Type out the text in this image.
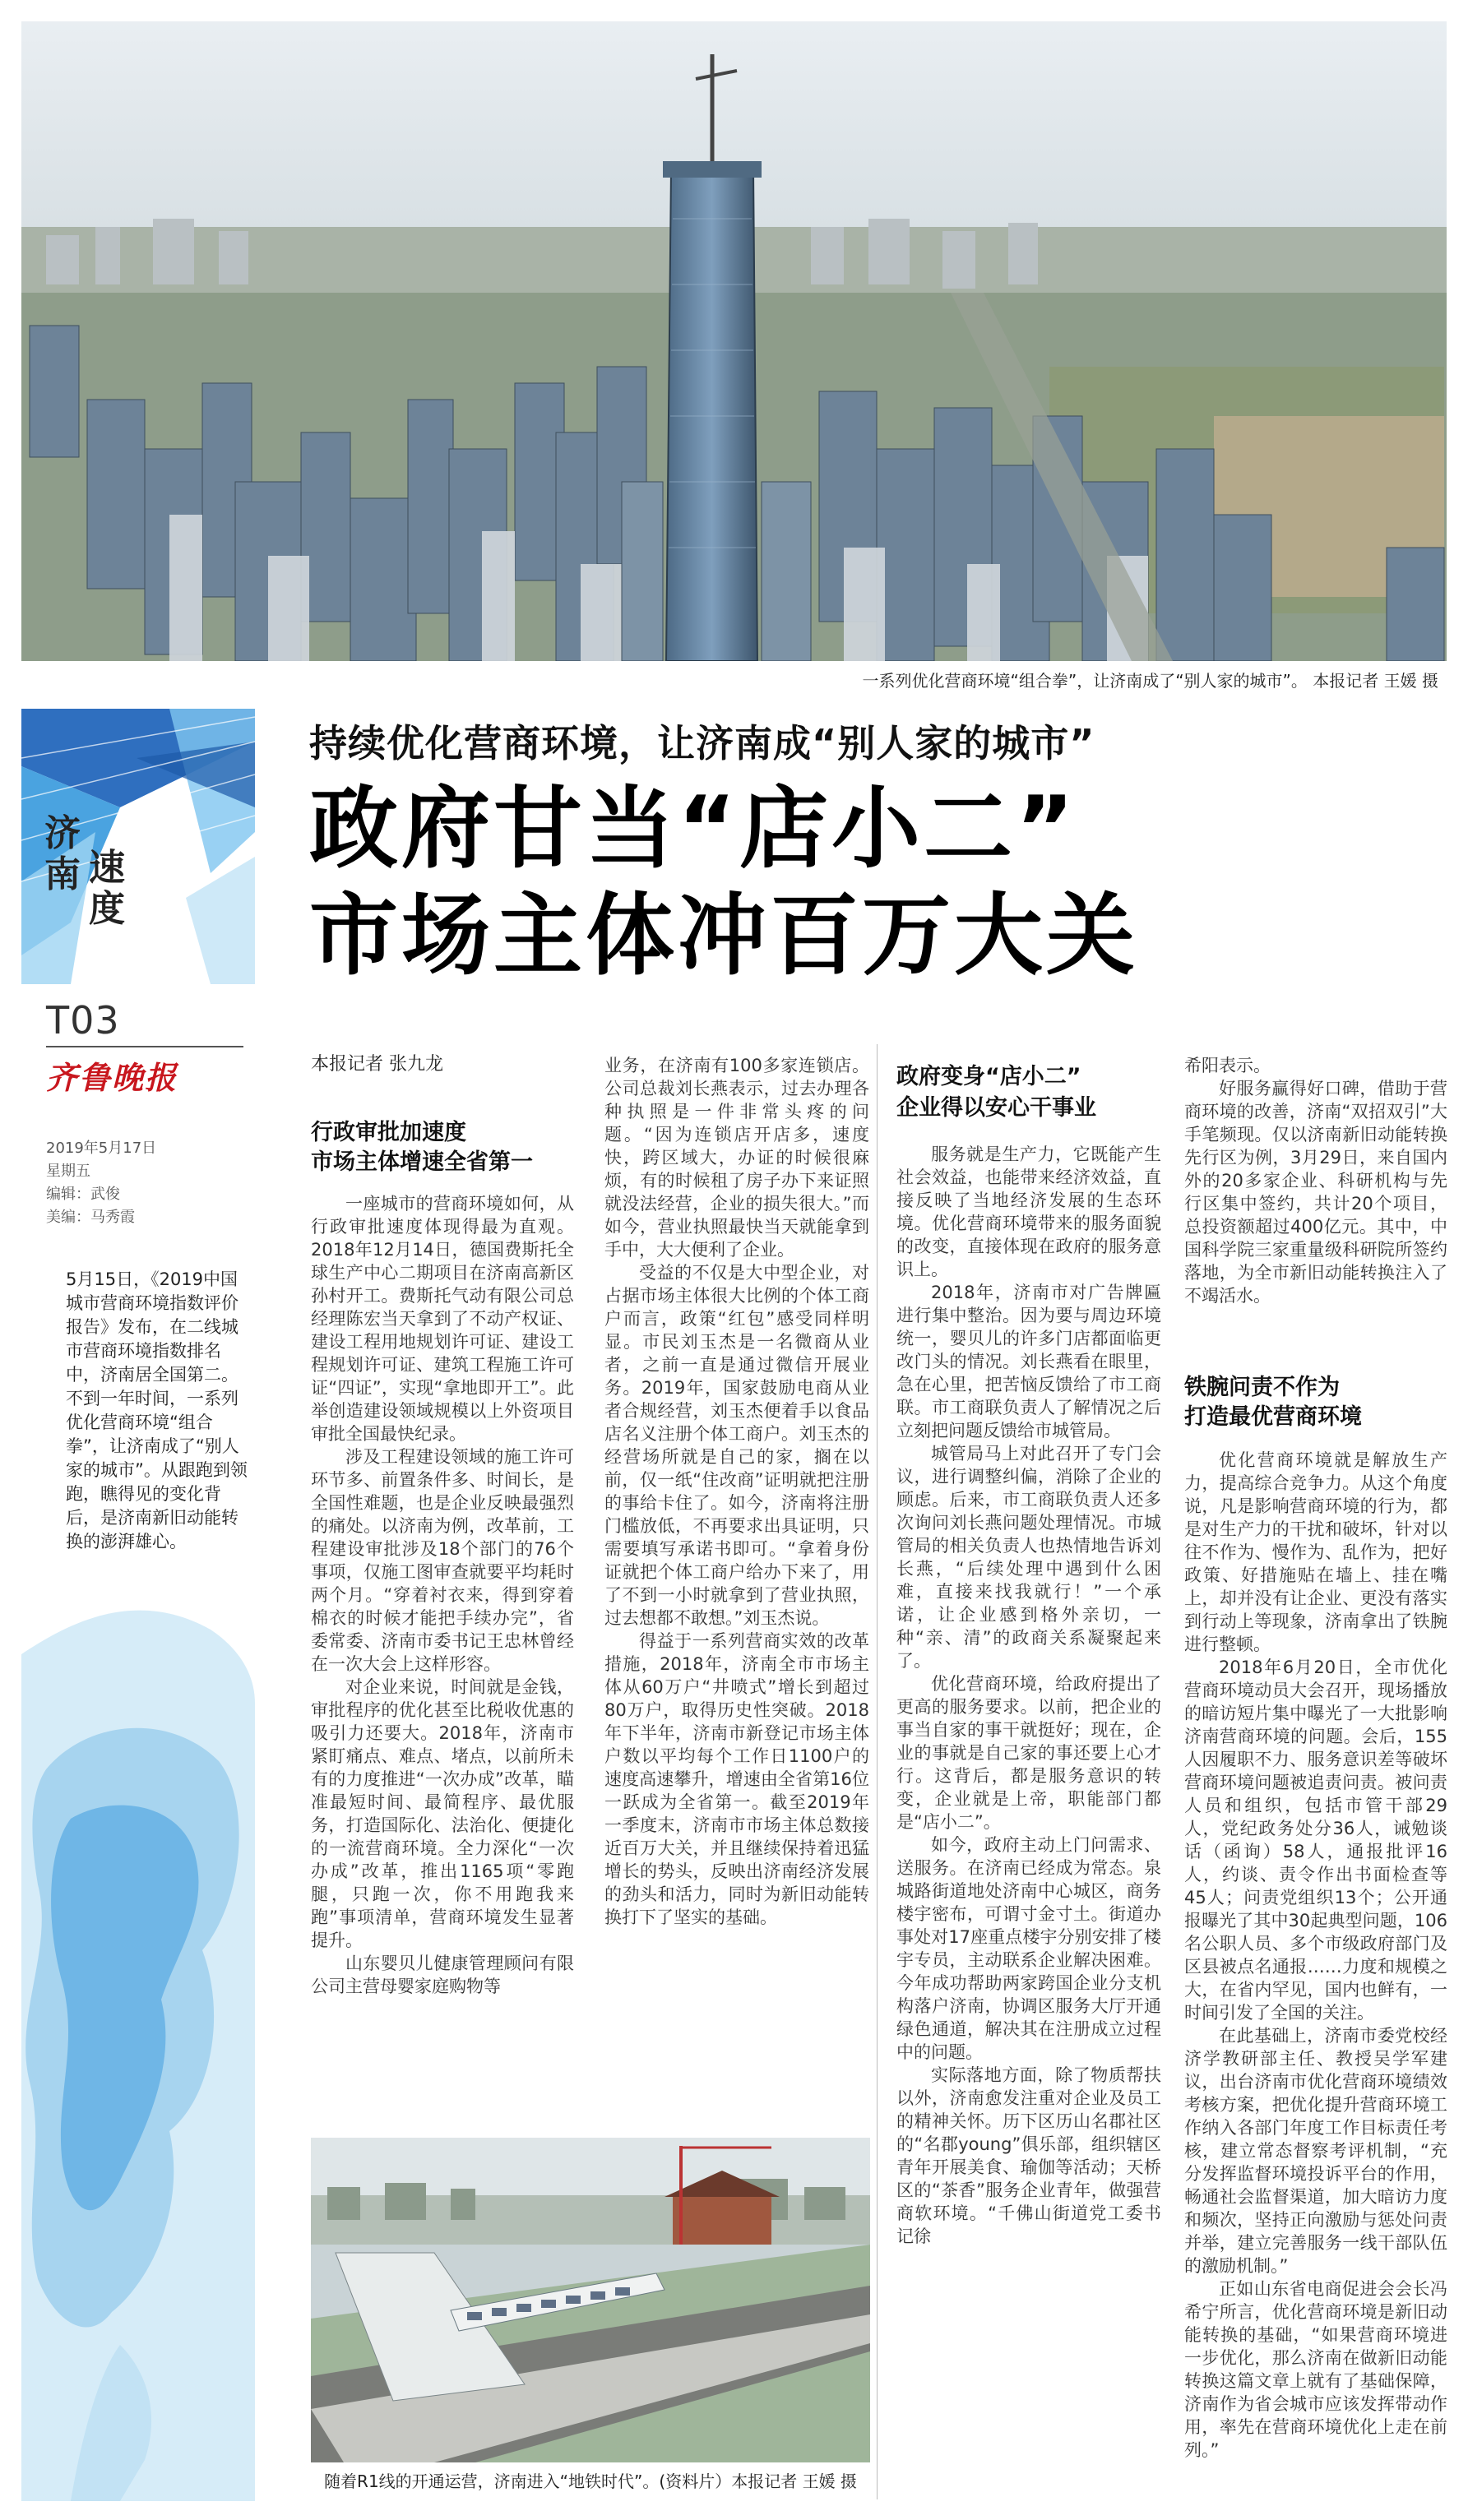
一系列优化营商环境“组合拳”，让济南成了“别人家的城市”。 本报记者 王媛 摄
济
南 速
度
T03
齐鲁晚报
2019年5月17日
星期五
编辑：武俊
美编：马秀霞
5月15日，《2019中国城市营商环境指数评价报告》发布，在二线城市营商环境指数排名中，济南居全国第二。不到一年时间，一系列优化营商环境“组合拳”，让济南成了“别人家的城市”。从跟跑到领跑，瞧得见的变化背后，是济南新旧动能转换的澎湃雄心。
持续优化营商环境，让济南成“别人家的城市”
政府甘当“店小二”
市场主体冲百万大关
本报记者 张九龙
行政审批加速度
市场主体增速全省第一

一座城市的营商环境如何，从行政审批速度体现得最为直观。2018年12月14日，德国费斯托全球生产中心二期项目在济南高新区孙村开工。费斯托气动有限公司总经理陈宏当天拿到了不动产权证、建设工程用地规划许可证、建设工程规划许可证、建筑工程施工许可证“四证”，实现“拿地即开工”。此举创造建设领域规模以上外资项目审批全国最快纪录。

涉及工程建设领域的施工许可环节多、前置条件多、时间长，是全国性难题，也是企业反映最强烈的痛处。以济南为例，改革前，工程建设审批涉及18个部门的76个事项，仅施工图审查就要平均耗时两个月。“穿着衬衣来，得到穿着棉衣的时候才能把手续办完”，省委常委、济南市委书记王忠林曾经在一次大会上这样形容。

对企业来说，时间就是金钱，审批程序的优化甚至比税收优惠的吸引力还要大。2018年，济南市紧盯痛点、难点、堵点，以前所未有的力度推进“一次办成”改革，瞄准最短时间、最简程序、最优服务，打造国际化、法治化、便捷化的一流营商环境。全力深化“一次办成”改革，推出1165项“零跑腿，只跑一次，你不用跑我来跑”事项清单，营商环境发生显著提升。

山东婴贝儿健康管理顾问有限公司主营母婴家庭购物等

业务，在济南有100多家连锁店。公司总裁刘长燕表示，过去办理各种执照是一件非常头疼的问题。“因为连锁店开店多，速度快，跨区域大，办证的时候很麻烦，有的时候租了房子办下来证照就没法经营，企业的损失很大。”而如今，营业执照最快当天就能拿到手中，大大便利了企业。

受益的不仅是大中型企业，对占据市场主体很大比例的个体工商户而言，政策“红包”感受同样明显。市民刘玉杰是一名微商从业者，之前一直是通过微信开展业务。2019年，国家鼓励电商从业者合规经营，刘玉杰便着手以食品店名义注册个体工商户。刘玉杰的经营场所就是自己的家，搁在以前，仅一纸“住改商”证明就把注册的事给卡住了。如今，济南将注册门槛放低，不再要求出具证明，只需要填写承诺书即可。“拿着身份证就把个体工商户给办下来了，用了不到一小时就拿到了营业执照，过去想都不敢想。”刘玉杰说。

得益于一系列营商实效的改革措施，2018年，济南全市市场主体从60万户“井喷式”增长到超过80万户，取得历史性突破。2018年下半年，济南市新登记市场主体户数以平均每个工作日1100户的速度高速攀升，增速由全省第16位一跃成为全省第一。截至2019年一季度末，济南市市场主体总数接近百万大关，并且继续保持着迅猛增长的势头，反映出济南经济发展的劲头和活力，同时为新旧动能转换打下了坚实的基础。

随着R1线的开通运营，济南进入“地铁时代”。(资料片）本报记者 王媛 摄
政府变身“店小二”
企业得以安心干事业

服务就是生产力，它既能产生社会效益，也能带来经济效益，直接反映了当地经济发展的生态环境。优化营商环境带来的服务面貌的改变，直接体现在政府的服务意识上。

2018年，济南市对广告牌匾进行集中整治。因为要与周边环境统一，婴贝儿的许多门店都面临更改门头的情况。刘长燕看在眼里，急在心里，把苦恼反馈给了市工商联。市工商联负责人了解情况之后立刻把问题反馈给市城管局。

城管局马上对此召开了专门会议，进行调整纠偏，消除了企业的顾虑。后来，市工商联负责人还多次询问刘长燕问题处理情况。市城管局的相关负责人也热情地告诉刘长燕，“后续处理中遇到什么困难，直接来找我就行！”一个承诺，让企业感到格外亲切，一种“亲、清”的政商关系凝聚起来了。

优化营商环境，给政府提出了更高的服务要求。以前，把企业的事当自家的事干就挺好；现在，企业的事就是自己家的事还要上心才行。这背后，都是服务意识的转变，企业就是上帝，职能部门都是“店小二”。

如今，政府主动上门问需求、送服务。在济南已经成为常态。泉城路街道地处济南中心城区，商务楼宇密布，可谓寸金寸土。街道办事处对17座重点楼宇分别安排了楼宇专员，主动联系企业解决困难。今年成功帮助两家跨国企业分支机构落户济南，协调区服务大厅开通绿色通道，解决其在注册成立过程中的问题。

实际落地方面，除了物质帮扶以外，济南愈发注重对企业及员工的精神关怀。历下区历山名郡社区的“名郡young”俱乐部，组织辖区青年开展美食、瑜伽等活动；天桥区的“茶香”服务企业青年，做强营商软环境。“千佛山街道党工委书记徐

希阳表示。

好服务赢得好口碑，借助于营商环境的改善，济南“双招双引”大手笔频现。仅以济南新旧动能转换先行区为例，3月29日，来自国内外的20多家企业、科研机构与先行区集中签约，共计20个项目，总投资额超过400亿元。其中，中国科学院三家重量级科研院所签约落地，为全市新旧动能转换注入了不竭活水。

铁腕问责不作为
打造最优营商环境

优化营商环境就是解放生产力，提高综合竞争力。从这个角度说，凡是影响营商环境的行为，都是对生产力的干扰和破坏，针对以往不作为、慢作为、乱作为，把好政策、好措施贴在墙上、挂在嘴上，却并没有让企业、更没有落实到行动上等现象，济南拿出了铁腕进行整顿。

2018年6月20日，全市优化营商环境动员大会召开，现场播放的暗访短片集中曝光了一大批影响济南营商环境的问题。会后，155人因履职不力、服务意识差等破坏营商环境问题被追责问责。被问责人员和组织，包括市管干部29人，党纪政务处分36人，诫勉谈话（函询）58人，通报批评16人，约谈、责令作出书面检查等45人；问责党组织13个；公开通报曝光了其中30起典型问题，106名公职人员、多个市级政府部门及区县被点名通报……力度和规模之大，在省内罕见，国内也鲜有，一时间引发了全国的关注。

在此基础上，济南市委党校经济学教研部主任、教授吴学军建议，出台济南市优化营商环境绩效考核方案，把优化提升营商环境工作纳入各部门年度工作目标责任考核，建立常态督察考评机制，“充分发挥监督环境投诉平台的作用，畅通社会监督渠道，加大暗访力度和频次，坚持正向激励与惩处问责并举，建立完善服务一线干部队伍的激励机制。”

正如山东省电商促进会会长冯希宁所言，优化营商环境是新旧动能转换的基础，“如果营商环境进一步优化，那么济南在做新旧动能转换这篇文章上就有了基础保障，济南作为省会城市应该发挥带动作用，率先在营商环境优化上走在前列。”
